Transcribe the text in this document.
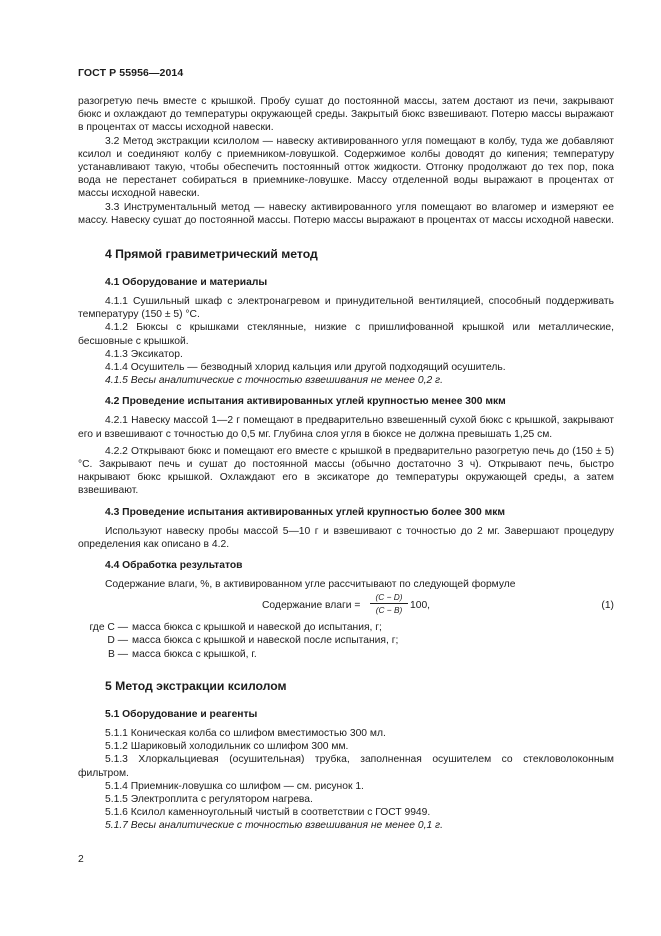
ГОСТ Р 55956—2014

разогретую печь вместе с крышкой. Пробу сушат до постоянной массы, затем достают из печи, закрывают бюкс и охлаждают до температуры окружающей среды. Закрытый бюкс взвешивают. Потерю массы выражают в процентах от массы исходной навески.

3.2 Метод экстракции ксилолом — навеску активированного угля помещают в колбу, туда же добавляют ксилол и соединяют колбу с приемником-ловушкой. Содержимое колбы доводят до кипения; температуру устанавливают такую, чтобы обеспечить постоянный отток жидкости. Отгонку продолжают до тех пор, пока вода не перестанет собираться в приемнике-ловушке. Массу отделенной воды выражают в процентах от массы исходной навески.

3.3 Инструментальный метод — навеску активированного угля помещают во влагомер и измеряют ее массу. Навеску сушат до постоянной массы. Потерю массы выражают в процентах от массы исходной навески.

4 Прямой гравиметрический метод
4.1 Оборудование и материалы

4.1.1 Сушильный шкаф с электронагревом и принудительной вентиляцией, способный поддерживать температуру (150 ± 5) °С.

4.1.2 Бюксы с крышками стеклянные, низкие с пришлифованной крышкой или металлические, бесшовные с крышкой.

4.1.3 Эксикатор.

4.1.4 Осушитель — безводный хлорид кальция или другой подходящий осушитель.

4.1.5 Весы аналитические с точностью взвешивания не менее 0,2 г.

4.2 Проведение испытания активированных углей крупностью менее 300 мкм

4.2.1 Навеску массой 1—2 г помещают в предварительно взвешенный сухой бюкс с крышкой, закрывают его и взвешивают с точностью до 0,5 мг. Глубина слоя угля в бюксе не должна превышать 1,25 см.

4.2.2 Открывают бюкс и помещают его вместе с крышкой в предварительно разогретую печь до (150 ± 5) °С. Закрывают печь и сушат до постоянной массы (обычно достаточно 3 ч). Открывают печь, быстро накрывают бюкс крышкой. Охлаждают его в эксикаторе до температуры окружающей среды, а затем взвешивают.

4.3 Проведение испытания активированных углей крупностью более 300 мкм

Используют навеску пробы массой 5—10 г и взвешивают с точностью до 2 мг. Завершают процедуру определения как описано в 4.2.

4.4 Обработка результатов

Содержание влаги, %, в активированном угле рассчитывают по следующей формуле

Содержание влаги = $\frac{(C - D)}{(C - B)} 100$,	(1)
где C — масса бюкса с крышкой и навеской до испытания, г;
D — масса бюкса с крышкой и навеской после испытания, г;
B — масса бюкса с крышкой, г.
5 Метод экстракции ксилолом
5.1 Оборудование и реагенты

5.1.1 Коническая колба со шлифом вместимостью 300 мл.

5.1.2 Шариковый холодильник со шлифом 300 мм.

5.1.3 Хлоркальциевая (осушительная) трубка, заполненная осушителем со стекловолоконным фильтром.

5.1.4 Приемник-ловушка со шлифом — см. рисунок 1.

5.1.5 Электроплита с регулятором нагрева.

5.1.6 Ксилол каменноугольный чистый в соответствии с ГОСТ 9949.

5.1.7 Весы аналитические с точностью взвешивания не менее 0,1 г.

2
